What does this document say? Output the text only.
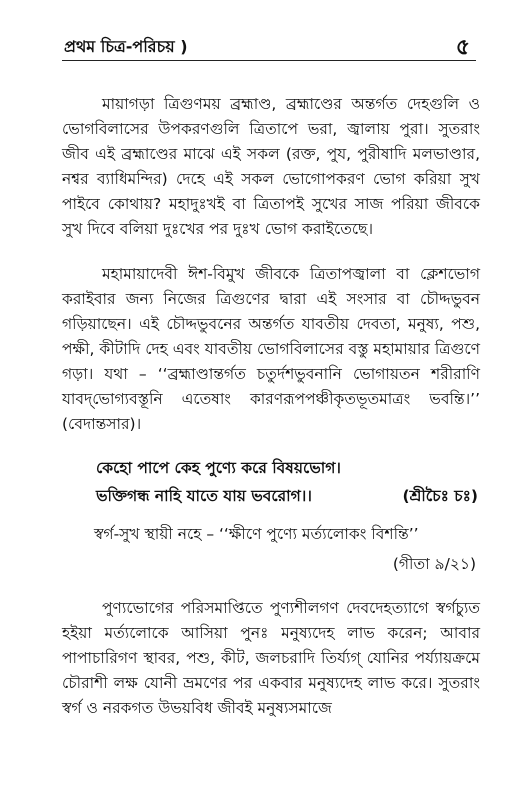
প্রথম চিত্র-পরিচয় )	৫

মায়াগড়া ত্রিগুণময় ব্রহ্মাণ্ড, ব্রহ্মাণ্ডের অন্তর্গত দেহগুলি ও ভোগবিলাসের উপকরণগুলি ত্রিতাপে ভরা, জ্বালায় পুরা। সুতরাং জীব এই ব্রহ্মাণ্ডের মাঝে এই সকল (রক্ত, পুয, পুরীষাদি মলভাণ্ডার, নশ্বর ব্যাধিমন্দির) দেহে এই সকল ভোগোপকরণ ভোগ করিয়া সুখ পাইবে কোথায়? মহাদুঃখই বা ত্রিতাপই সুখের সাজ পরিয়া জীবকে সুখ দিবে বলিয়া দুঃখের পর দুঃখ ভোগ করাইতেছে।

মহামায়াদেবী ঈশ-বিমুখ জীবকে ত্রিতাপজ্বালা বা ক্লেশভোগ করাইবার জন্য নিজের ত্রিগুণের দ্বারা এই সংসার বা চৌদ্দভুবন গড়িয়াছেন। এই চৌদ্দভুবনের অন্তর্গত যাবতীয় দেবতা, মনুষ্য, পশু, পক্ষী, কীটাদি দেহ এবং যাবতীয় ভোগবিলাসের বস্তু মহামায়ার ত্রিগুণে গড়া। যথা – ‘‘ব্রহ্মাণ্ডান্তর্গত চতুর্দশভুবনানি ভোগায়তন শরীরাণি যাবদ্‌ভোগ্যবস্তূনি এতেষাং কারণরূপপঞ্চীকৃতভূতমাত্রং ভবন্তি।’’ (বেদান্তসার)।

কেহো পাপে কেহ পুণ্যে করে বিষয়ভোগ।
ভক্তিগন্ধ নাহি যাতে যায় ভবরোগ।।	(শ্রীচৈঃ চঃ)
স্বর্গ-সুখ স্থায়ী নহে – ‘‘ক্ষীণে পুণ্যে মর্ত্যলোকং বিশন্তি’’
(গীতা ৯/২১)

পুণ্যভোগের পরিসমাপ্তিতে পুণ্যশীলগণ দেবদেহত্যাগে স্বর্গচ্যুত হইয়া মর্ত্যলোকে আসিয়া পুনঃ মনুষ্যদেহ লাভ করেন; আবার পাপাচারিগণ স্থাবর, পশু, কীট, জলচরাদি তির্য্যগ্‌ যোনির পর্য্যায়ক্রমে চৌরাশী লক্ষ যোনী ভ্রমণের পর একবার মনুষ্যদেহ লাভ করে। সুতরাং স্বর্গ ও নরকগত উভয়বিধ জীবই মনুষ্যসমাজে
